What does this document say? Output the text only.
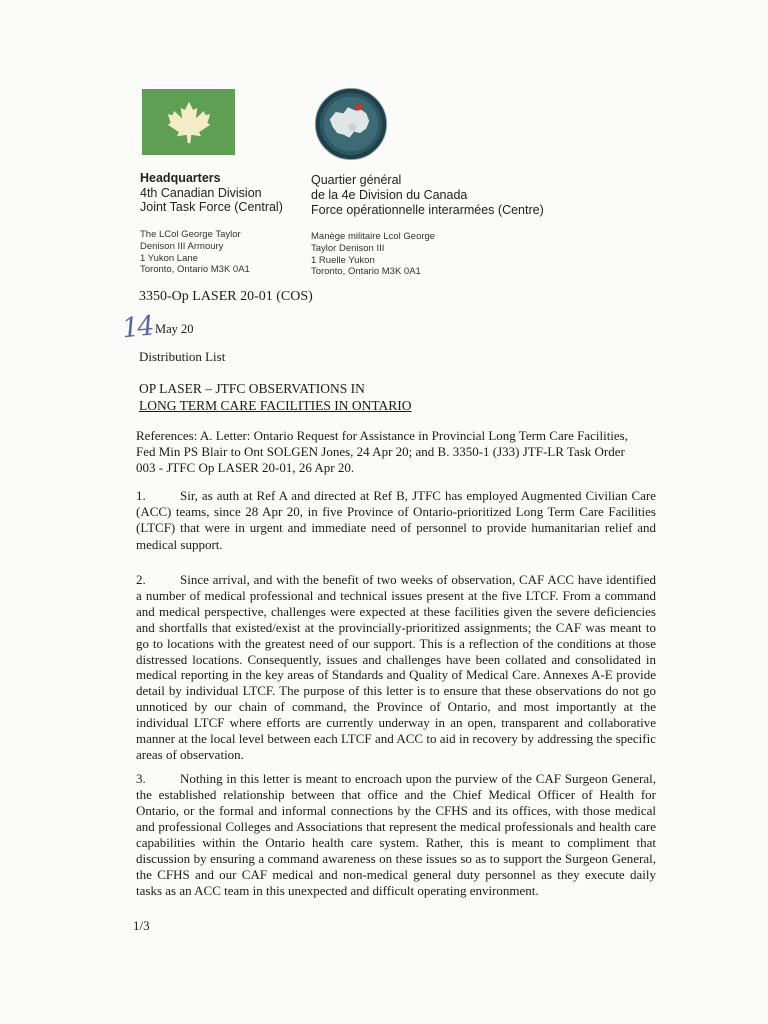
Headquarters
4th Canadian Division
Joint Task Force (Central)
Quartier général
de la 4e Division du Canada
Force opérationnelle interarmées (Centre)
The LCol George Taylor
Denison III Armoury
1 Yukon Lane
Toronto, Ontario M3K 0A1
Manège militaire Lcol George
Taylor Denison III
1 Ruelle Yukon
Toronto, Ontario M3K 0A1
3350-Op LASER 20-01 (COS)
14 May 20
Distribution List
OP LASER – JTFC OBSERVATIONS IN
LONG TERM CARE FACILITIES IN ONTARIO
References: A. Letter: Ontario Request for Assistance in Provincial Long Term Care Facilities, Fed Min PS Blair to Ont SOLGEN Jones, 24 Apr 20; and B. 3350-1 (J33) JTF-LR Task Order 003 - JTFC Op LASER 20-01, 26 Apr 20.
1.	Sir, as auth at Ref A and directed at Ref B, JTFC has employed Augmented Civilian Care (ACC) teams, since 28 Apr 20, in five Province of Ontario-prioritized Long Term Care Facilities (LTCF) that were in urgent and immediate need of personnel to provide humanitarian relief and medical support.
2.	Since arrival, and with the benefit of two weeks of observation, CAF ACC have identified a number of medical professional and technical issues present at the five LTCF. From a command and medical perspective, challenges were expected at these facilities given the severe deficiencies and shortfalls that existed/exist at the provincially-prioritized assignments; the CAF was meant to go to locations with the greatest need of our support. This is a reflection of the conditions at those distressed locations. Consequently, issues and challenges have been collated and consolidated in medical reporting in the key areas of Standards and Quality of Medical Care. Annexes A-E provide detail by individual LTCF. The purpose of this letter is to ensure that these observations do not go unnoticed by our chain of command, the Province of Ontario, and most importantly at the individual LTCF where efforts are currently underway in an open, transparent and collaborative manner at the local level between each LTCF and ACC to aid in recovery by addressing the specific areas of observation.
3.	Nothing in this letter is meant to encroach upon the purview of the CAF Surgeon General, the established relationship between that office and the Chief Medical Officer of Health for Ontario, or the formal and informal connections by the CFHS and its offices, with those medical and professional Colleges and Associations that represent the medical professionals and health care capabilities within the Ontario health care system. Rather, this is meant to compliment that discussion by ensuring a command awareness on these issues so as to support the Surgeon General, the CFHS and our CAF medical and non-medical general duty personnel as they execute daily tasks as an ACC team in this unexpected and difficult operating environment.
1/3
